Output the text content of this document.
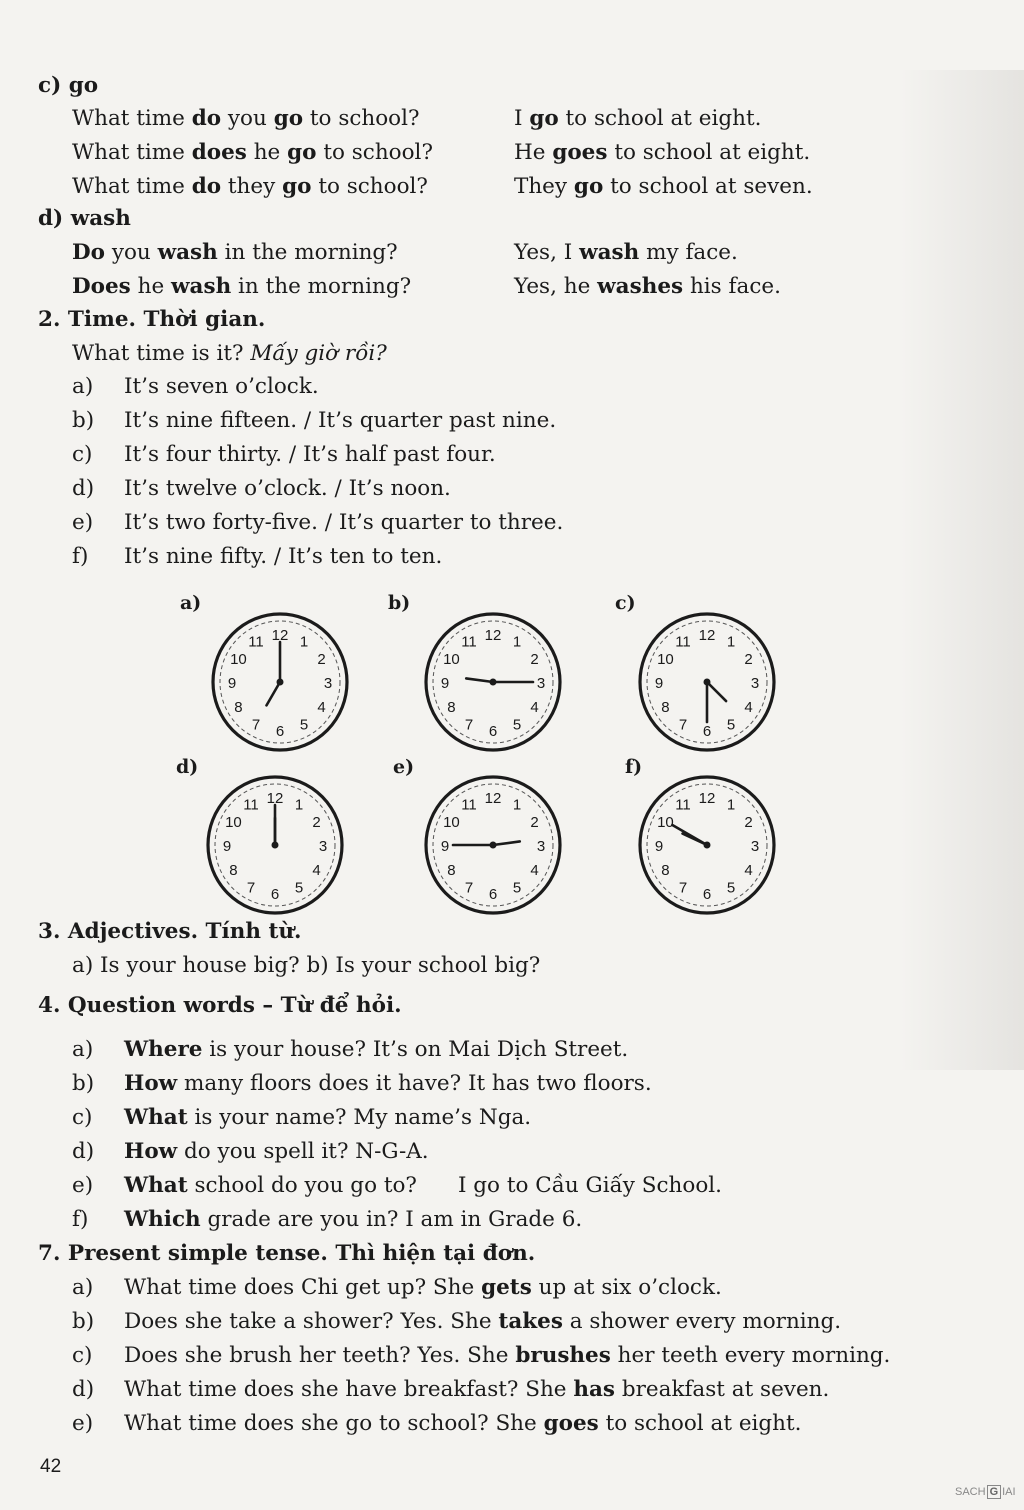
c) go
What time do you go to school?	I go to school at eight.
What time does he go to school?	He goes to school at eight.
What time do they go to school?	They go to school at seven.
d) wash
Do you wash in the morning?	Yes, I wash my face.
Does he wash in the morning?	Yes, he washes his face.
2. Time. Thời gian.
What time is it? Mấy giờ rồi?
a) It’s seven o’clock.
b) It’s nine fifteen. / It’s quarter past nine.
c) It’s four thirty. / It’s half past four.
d) It’s twelve o’clock. / It’s noon.
e) It’s two forty-five. / It’s quarter to three.
f) It’s nine fifty. / It’s ten to ten.
a)
1
2
3
4
5
6
7
8
9
10
11 12
b)
1
2
3
4
5
6
7
8
9
10
11 12
c)
1
2
3
4
5
6
7
8
9
10
11 12
d)
1
2
3
4
5
6
7
8
9
10
11 12
e)
1
2
3
4
5
6
7
8
9
10
11 12
f)
1
2
3
4
5
6
7
8
9
10
11 12
3. Adjectives. Tính từ.
a) Is your house big? b) Is your school big?
4. Question words – Từ để hỏi.
a) Where is your house? It’s on Mai Dịch Street.
b) How many floors does it have? It has two floors.
c) What is your name? My name’s Nga.
d) How do you spell it? N-G-A.
e) What school do you go to?      I go to Cầu Giấy School.
f) Which grade are you in? I am in Grade 6.
7. Present simple tense. Thì hiện tại đơn.
a) What time does Chi get up? She gets up at six o’clock.
b) Does she take a shower? Yes. She takes a shower every morning.
c) Does she brush her teeth? Yes. She brushes her teeth every morning.
d) What time does she have breakfast? She has breakfast at seven.
e) What time does she go to school? She goes to school at eight.
42
SACH G IAI
